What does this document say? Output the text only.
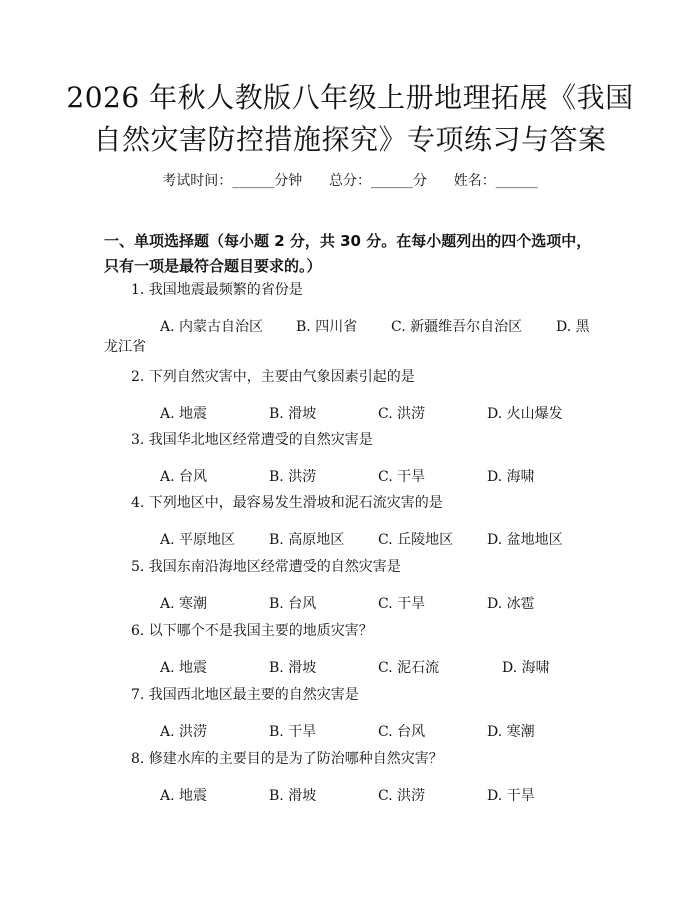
2026 年秋人教版八年级上册地理拓展《我国
自然灾害防控措施探究》专项练习与答案
考试时间：______分钟      总分：______分      姓名：______
一、单项选择题（每小题 2 分，共 30 分。在每小题列出的四个选项中，只有一项是最符合题目要求的。）
1. 我国地震最频繁的省份是
A. 内蒙古自治区 B. 四川省 C. 新疆维吾尔自治区 D. 黑
龙江省
2. 下列自然灾害中，主要由气象因素引起的是
A. 地震	B. 滑坡	C. 洪涝	D. 火山爆发
3. 我国华北地区经常遭受的自然灾害是
A. 台风	B. 洪涝	C. 干旱	D. 海啸
4. 下列地区中，最容易发生滑坡和泥石流灾害的是
A. 平原地区 B. 高原地区 C. 丘陵地区 D. 盆地地区
5. 我国东南沿海地区经常遭受的自然灾害是
A. 寒潮	B. 台风	C. 干旱	D. 冰雹
6. 以下哪个不是我国主要的地质灾害？
A. 地震	B. 滑坡	C. 泥石流	D. 海啸
7. 我国西北地区最主要的自然灾害是
A. 洪涝	B. 干旱	C. 台风	D. 寒潮
8. 修建水库的主要目的是为了防治哪种自然灾害？
A. 地震	B. 滑坡	C. 洪涝	D. 干旱
